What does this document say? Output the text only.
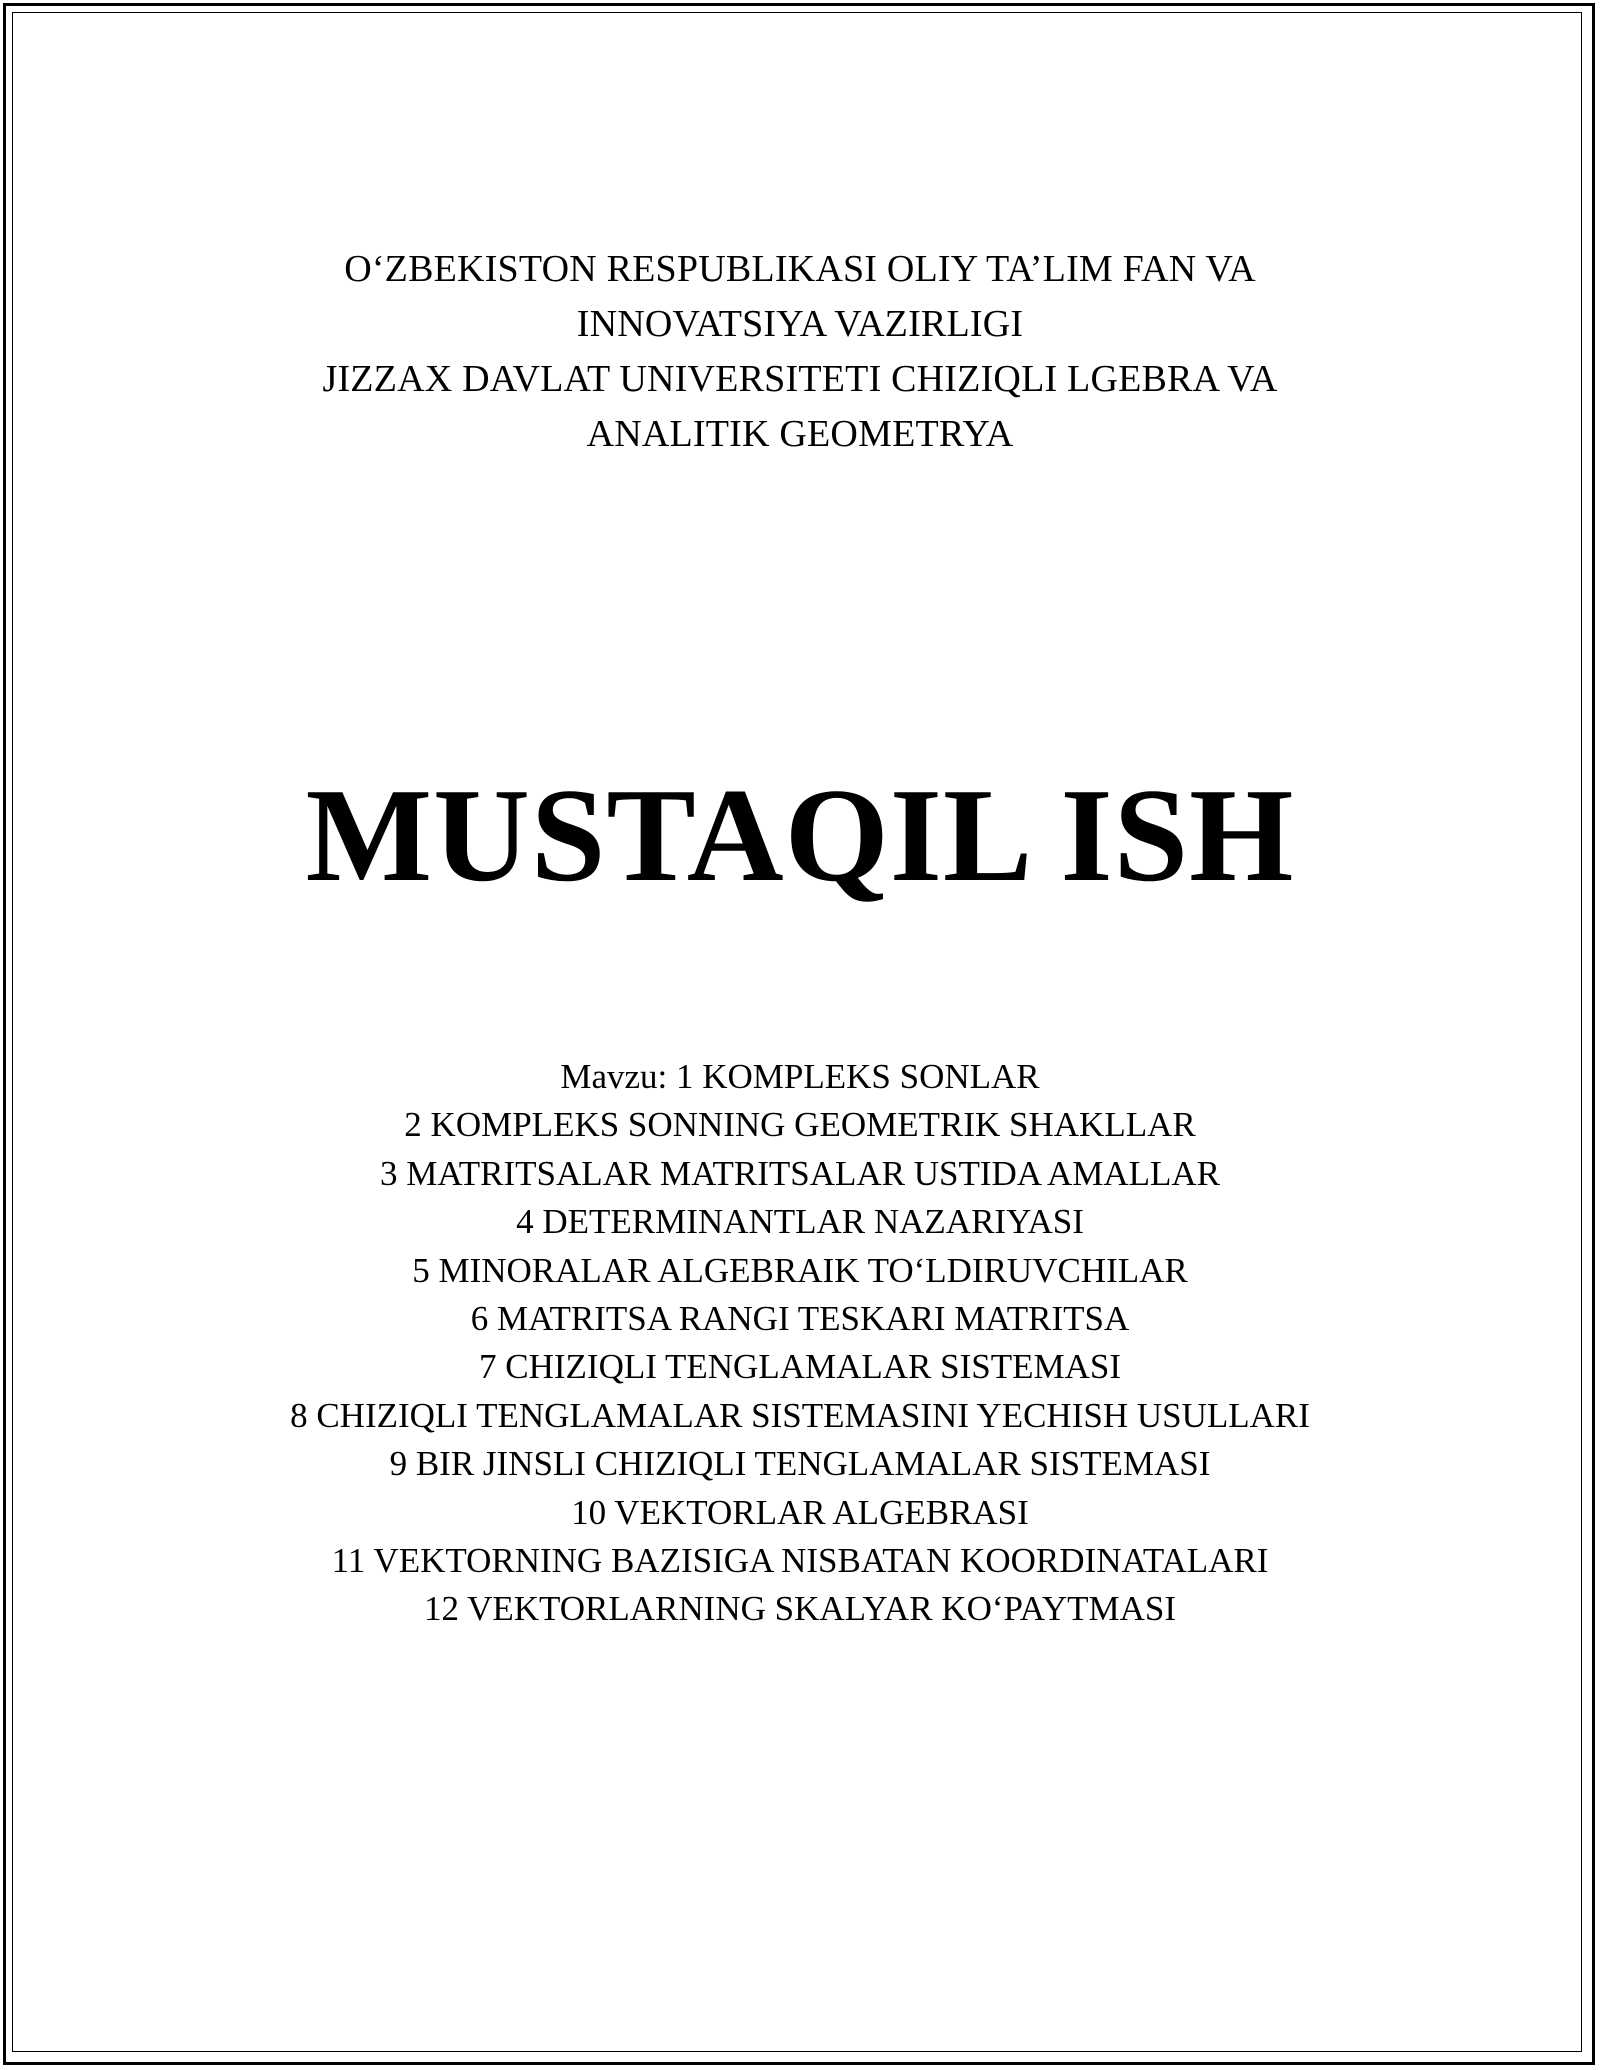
O‘ZBEKISTON RESPUBLIKASI OLIY TA’LIM FAN VA
INNOVATSIYA VAZIRLIGI
JIZZAX DAVLAT UNIVERSITETI CHIZIQLI LGEBRA VA
ANALITIK GEOMETRYA
MUSTAQIL ISH
Mavzu: 1 KOMPLEKS SONLAR
2 KOMPLEKS SONNING GEOMETRIK SHAKLLAR
3 MATRITSALAR MATRITSALAR USTIDA AMALLAR
4 DETERMINANTLAR NAZARIYASI
5 MINORALAR ALGEBRAIK TO‘LDIRUVCHILAR
6 MATRITSA RANGI TESKARI MATRITSA
7 CHIZIQLI TENGLAMALAR SISTEMASI
8 CHIZIQLI TENGLAMALAR SISTEMASINI YECHISH USULLARI
9 BIR JINSLI CHIZIQLI TENGLAMALAR SISTEMASI
10 VEKTORLAR ALGEBRASI
11 VEKTORNING BAZISIGA NISBATAN KOORDINATALARI
12 VEKTORLARNING SKALYAR KO‘PAYTMASI
